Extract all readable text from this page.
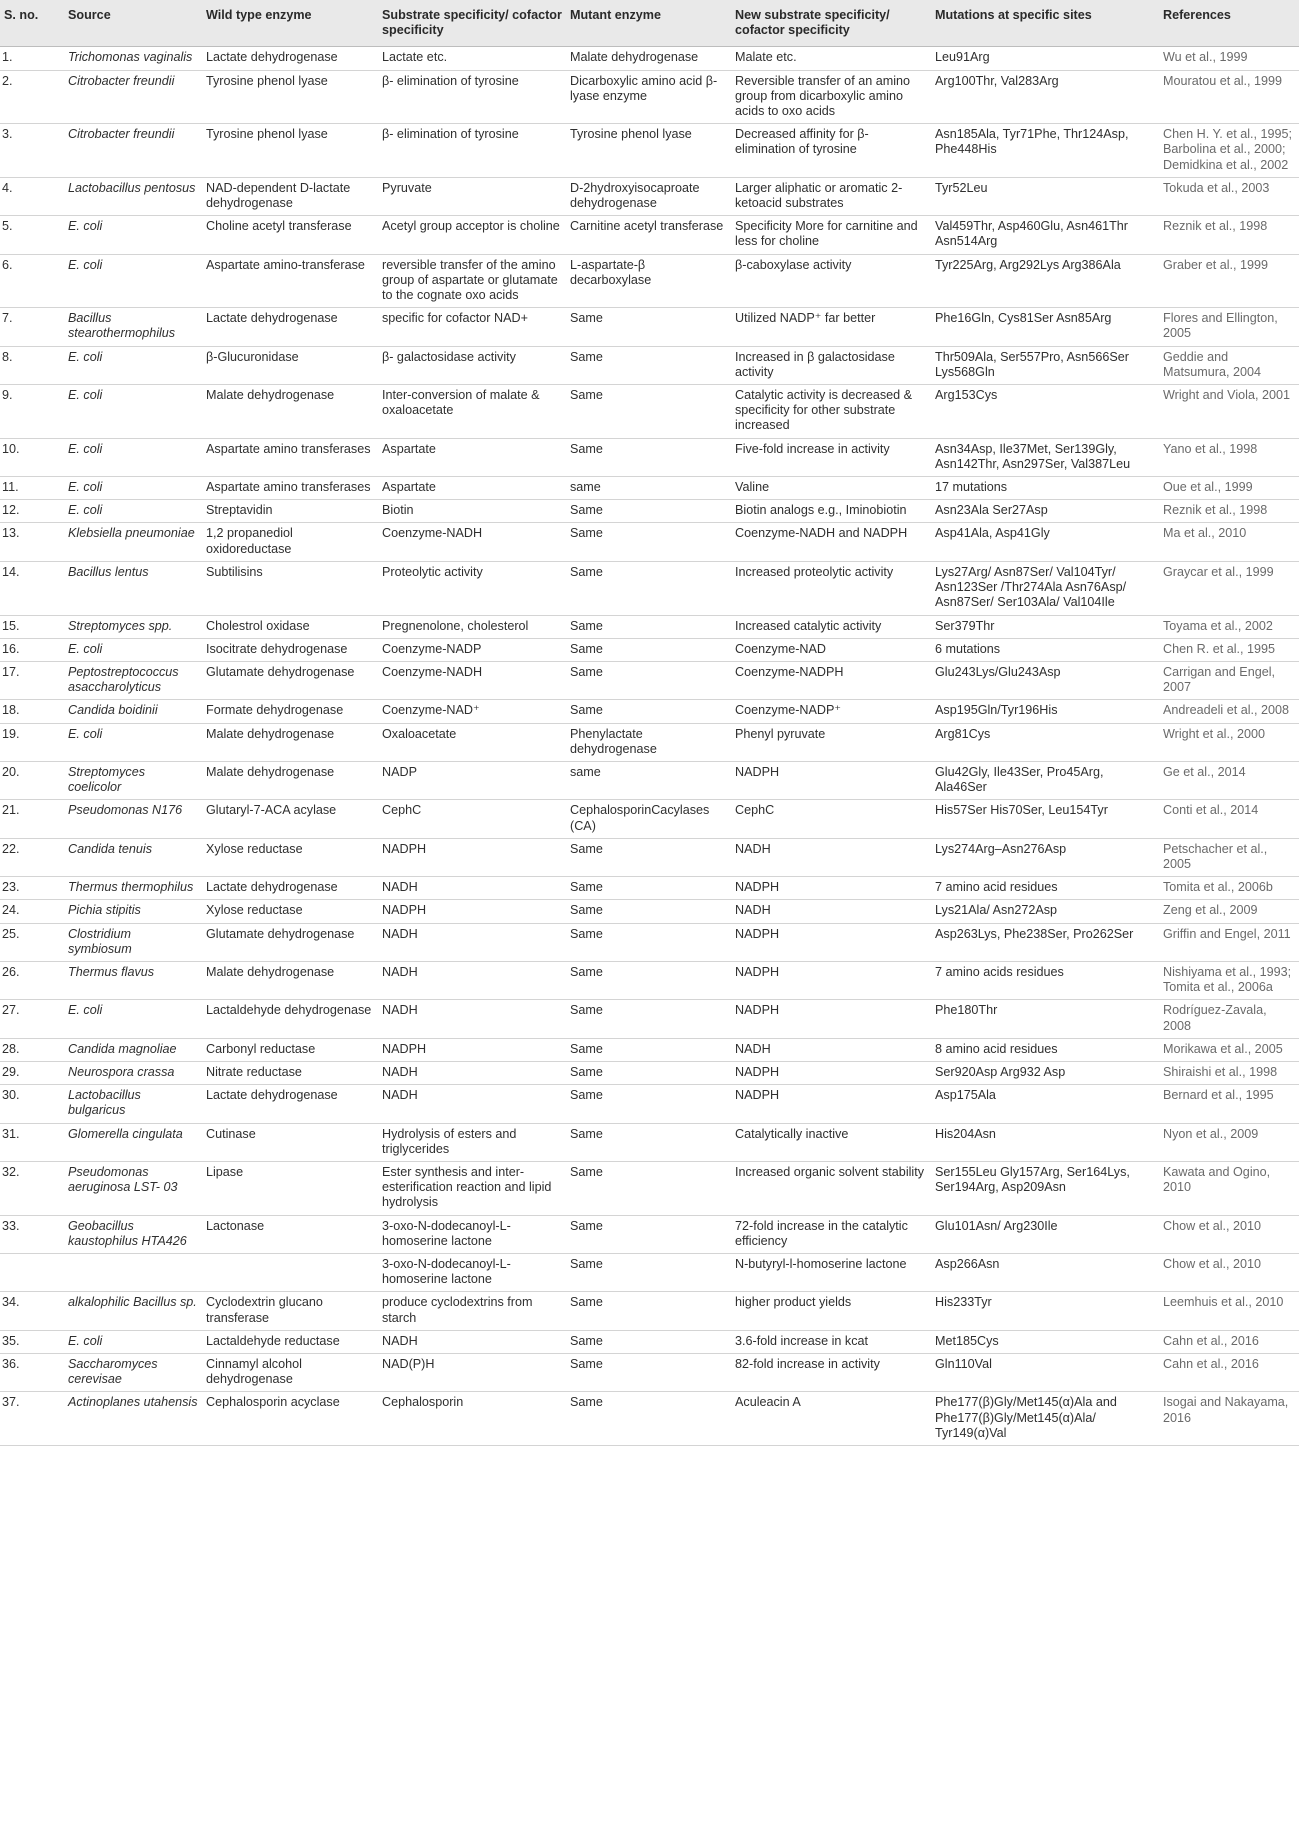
S. no.	Source	Wild type enzyme	Substrate specificity/ cofactor specificity	Mutant enzyme	New substrate specificity/ cofactor specificity	Mutations at specific sites	References
1.	Trichomonas vaginalis	Lactate dehydrogenase	Lactate etc.	Malate dehydrogenase	Malate etc.	Leu91Arg	Wu et al., 1999
2.	Citrobacter freundii	Tyrosine phenol lyase	β- elimination of tyrosine	Dicarboxylic amino acid β-lyase enzyme	Reversible transfer of an amino group from dicarboxylic amino acids to oxo acids	Arg100Thr, Val283Arg	Mouratou et al., 1999
3.	Citrobacter freundii	Tyrosine phenol lyase	β- elimination of tyrosine	Tyrosine phenol lyase	Decreased affinity for β-elimination of tyrosine	Asn185Ala, Tyr71Phe, Thr124Asp, Phe448His	Chen H. Y. et al., 1995; Barbolina et al., 2000; Demidkina et al., 2002
4.	Lactobacillus pentosus	NAD-dependent D-lactate dehydrogenase	Pyruvate	D-2hydroxyisocaproate dehydrogenase	Larger aliphatic or aromatic 2-ketoacid substrates	Tyr52Leu	Tokuda et al., 2003
5.	E. coli	Choline acetyl transferase	Acetyl group acceptor is choline	Carnitine acetyl transferase	Specificity More for carnitine and less for choline	Val459Thr, Asp460Glu, Asn461Thr Asn514Arg	Reznik et al., 1998
6.	E. coli	Aspartate amino-transferase	reversible transfer of the amino group of aspartate or glutamate to the cognate oxo acids	L-aspartate-β decarboxylase	β-caboxylase activity	Tyr225Arg, Arg292Lys Arg386Ala	Graber et al., 1999
7.	Bacillus stearothermophilus	Lactate dehydrogenase	specific for cofactor NAD+	Same	Utilized NADP⁺ far better	Phe16Gln, Cys81Ser Asn85Arg	Flores and Ellington, 2005
8.	E. coli	β-Glucuronidase	β- galactosidase activity	Same	Increased in β galactosidase activity	Thr509Ala, Ser557Pro, Asn566Ser Lys568Gln	Geddie and Matsumura, 2004
9.	E. coli	Malate dehydrogenase	Inter-conversion of malate & oxaloacetate	Same	Catalytic activity is decreased & specificity for other substrate increased	Arg153Cys	Wright and Viola, 2001
10.	E. coli	Aspartate amino transferases	Aspartate	Same	Five-fold increase in activity	Asn34Asp, Ile37Met, Ser139Gly, Asn142Thr, Asn297Ser, Val387Leu	Yano et al., 1998
11.	E. coli	Aspartate amino transferases	Aspartate	same	Valine	17 mutations	Oue et al., 1999
12.	E. coli	Streptavidin	Biotin	Same	Biotin analogs e.g., Iminobiotin	Asn23Ala Ser27Asp	Reznik et al., 1998
13.	Klebsiella pneumoniae	1,2 propanediol oxidoreductase	Coenzyme-NADH	Same	Coenzyme-NADH and NADPH	Asp41Ala, Asp41Gly	Ma et al., 2010
14.	Bacillus lentus	Subtilisins	Proteolytic activity	Same	Increased proteolytic activity	Lys27Arg/ Asn87Ser/ Val104Tyr/ Asn123Ser /Thr274Ala Asn76Asp/ Asn87Ser/ Ser103Ala/ Val104Ile	Graycar et al., 1999
15.	Streptomyces spp.	Cholestrol oxidase	Pregnenolone, cholesterol	Same	Increased catalytic activity	Ser379Thr	Toyama et al., 2002
16.	E. coli	Isocitrate dehydrogenase	Coenzyme-NADP	Same	Coenzyme-NAD	6 mutations	Chen R. et al., 1995
17.	Peptostreptococcus asaccharolyticus	Glutamate dehydrogenase	Coenzyme-NADH	Same	Coenzyme-NADPH	Glu243Lys/Glu243Asp	Carrigan and Engel, 2007
18.	Candida boidinii	Formate dehydrogenase	Coenzyme-NAD⁺	Same	Coenzyme-NADP⁺	Asp195Gln/Tyr196His	Andreadeli et al., 2008
19.	E. coli	Malate dehydrogenase	Oxaloacetate	Phenylactate dehydrogenase	Phenyl pyruvate	Arg81Cys	Wright et al., 2000
20.	Streptomyces coelicolor	Malate dehydrogenase	NADP	same	NADPH	Glu42Gly, Ile43Ser, Pro45Arg, Ala46Ser	Ge et al., 2014
21.	Pseudomonas N176	Glutaryl-7-ACA acylase	CephC	CephalosporinCacylases (CA)	CephC	His57Ser His70Ser, Leu154Tyr	Conti et al., 2014
22.	Candida tenuis	Xylose reductase	NADPH	Same	NADH	Lys274Arg–Asn276Asp	Petschacher et al., 2005
23.	Thermus thermophilus	Lactate dehydrogenase	NADH	Same	NADPH	7 amino acid residues	Tomita et al., 2006b
24.	Pichia stipitis	Xylose reductase	NADPH	Same	NADH	Lys21Ala/ Asn272Asp	Zeng et al., 2009
25.	Clostridium symbiosum	Glutamate dehydrogenase	NADH	Same	NADPH	Asp263Lys, Phe238Ser, Pro262Ser	Griffin and Engel, 2011
26.	Thermus flavus	Malate dehydrogenase	NADH	Same	NADPH	7 amino acids residues	Nishiyama et al., 1993; Tomita et al., 2006a
27.	E. coli	Lactaldehyde dehydrogenase	NADH	Same	NADPH	Phe180Thr	Rodríguez-Zavala, 2008
28.	Candida magnoliae	Carbonyl reductase	NADPH	Same	NADH	8 amino acid residues	Morikawa et al., 2005
29.	Neurospora crassa	Nitrate reductase	NADH	Same	NADPH	Ser920Asp Arg932 Asp	Shiraishi et al., 1998
30.	Lactobacillus bulgaricus	Lactate dehydrogenase	NADH	Same	NADPH	Asp175Ala	Bernard et al., 1995
31.	Glomerella cingulata	Cutinase	Hydrolysis of esters and triglycerides	Same	Catalytically inactive	His204Asn	Nyon et al., 2009
32.	Pseudomonas aeruginosa LST- 03	Lipase	Ester synthesis and inter-esterification reaction and lipid hydrolysis	Same	Increased organic solvent stability	Ser155Leu Gly157Arg, Ser164Lys, Ser194Arg, Asp209Asn	Kawata and Ogino, 2010
33.	Geobacillus kaustophilus HTA426	Lactonase	3-oxo-N-dodecanoyl-L-homoserine lactone	Same	72-fold increase in the catalytic efficiency	Glu101Asn/ Arg230Ile	Chow et al., 2010
			3-oxo-N-dodecanoyl-L-homoserine lactone	Same	N-butyryl-l-homoserine lactone	Asp266Asn	Chow et al., 2010
34.	alkalophilic Bacillus sp.	Cyclodextrin glucano transferase	produce cyclodextrins from starch	Same	higher product yields	His233Tyr	Leemhuis et al., 2010
35.	E. coli	Lactaldehyde reductase	NADH	Same	3.6-fold increase in kcat	Met185Cys	Cahn et al., 2016
36.	Saccharomyces cerevisae	Cinnamyl alcohol dehydrogenase	NAD(P)H	Same	82-fold increase in activity	Gln110Val	Cahn et al., 2016
37.	Actinoplanes utahensis	Cephalosporin acyclase	Cephalosporin	Same	Aculeacin A	Phe177(β)Gly/Met145(α)Ala and Phe177(β)Gly/Met145(α)Ala/ Tyr149(α)Val	Isogai and Nakayama, 2016
